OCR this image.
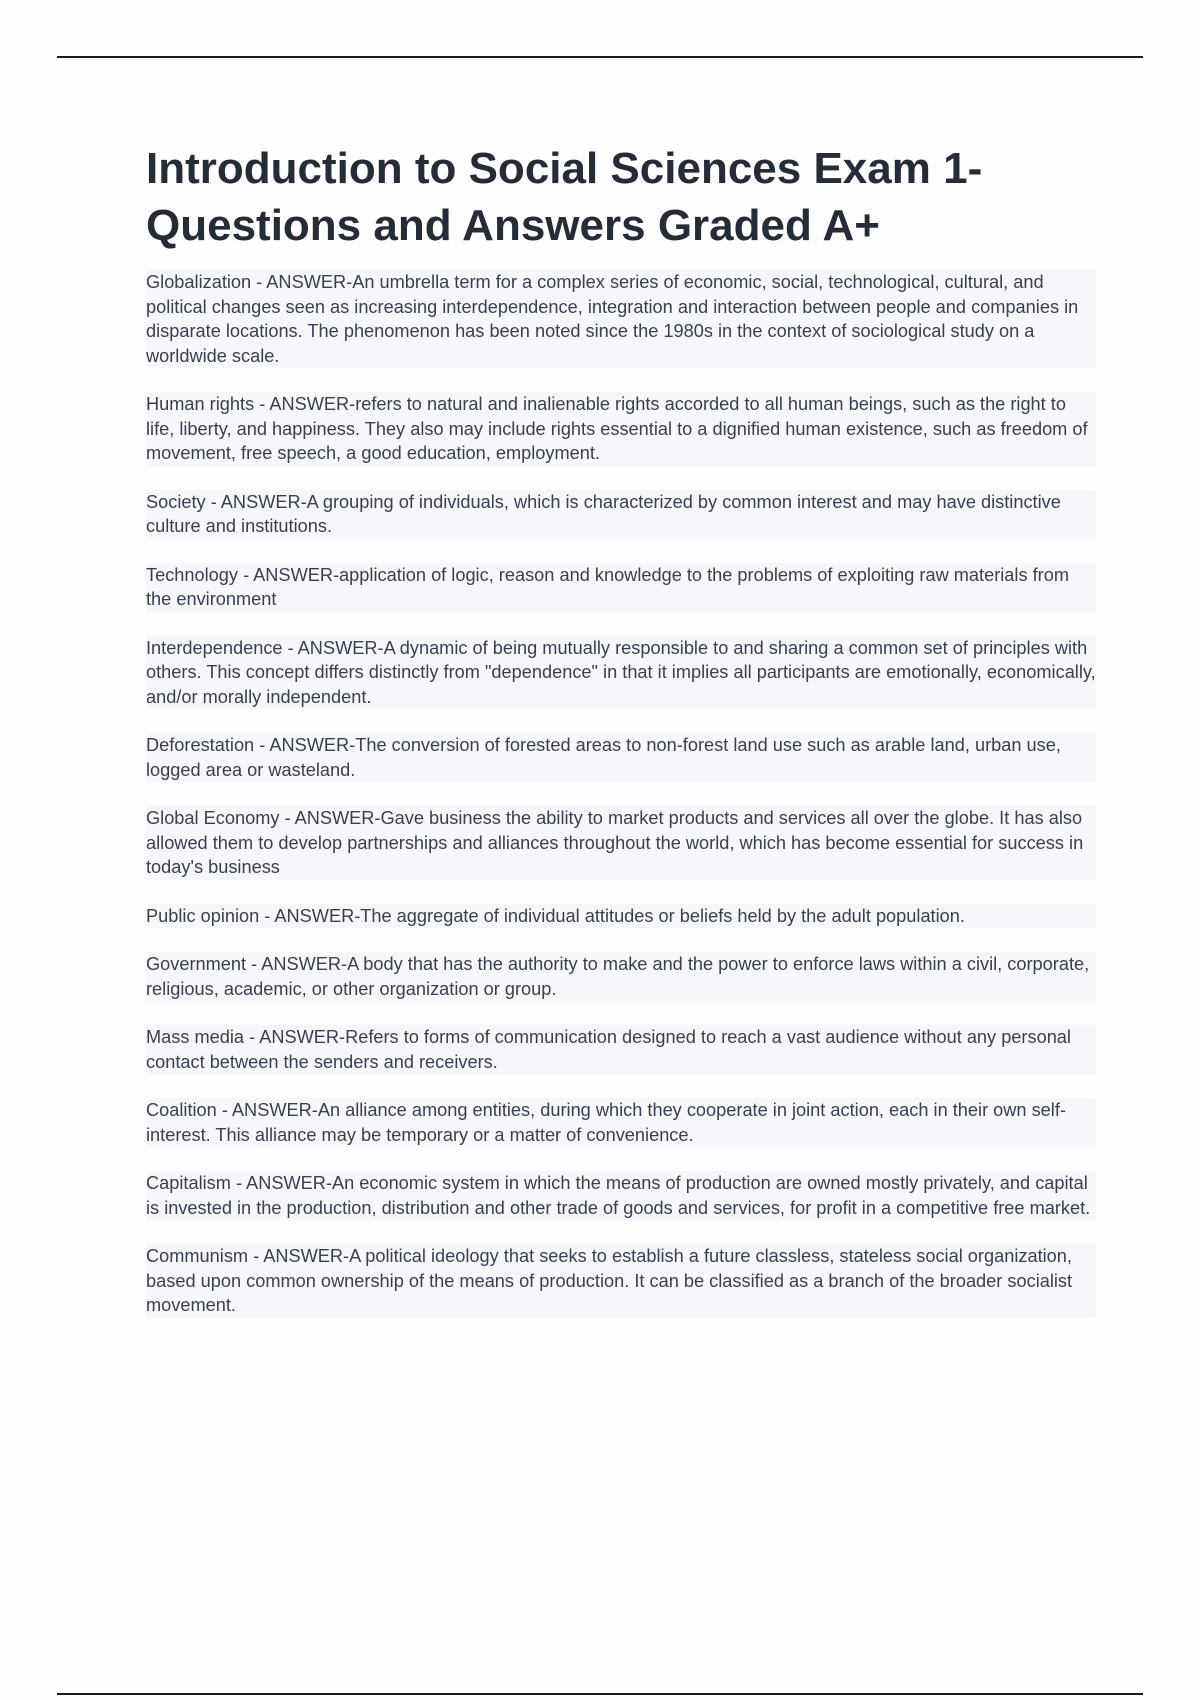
Introduction to Social Sciences Exam 1- Questions and Answers Graded A+

Globalization - ANSWER-An umbrella term for a complex series of economic, social, technological, cultural, and political changes seen as increasing interdependence, integration and interaction between people and companies in disparate locations. The phenomenon has been noted since the 1980s in the context of sociological study on a worldwide scale.

Human rights - ANSWER-refers to natural and inalienable rights accorded to all human beings, such as the right to life, liberty, and happiness. They also may include rights essential to a dignified human existence, such as freedom of movement, free speech, a good education, employment.

Society - ANSWER-A grouping of individuals, which is characterized by common interest and may have distinctive culture and institutions.

Technology - ANSWER-application of logic, reason and knowledge to the problems of exploiting raw materials from the environment

Interdependence - ANSWER-A dynamic of being mutually responsible to and sharing a common set of principles with others. This concept differs distinctly from "dependence" in that it implies all participants are emotionally, economically, and/or morally independent.

Deforestation - ANSWER-The conversion of forested areas to non-forest land use such as arable land, urban use, logged area or wasteland.

Global Economy - ANSWER-Gave business the ability to market products and services all over the globe. It has also allowed them to develop partnerships and alliances throughout the world, which has become essential for success in today's business

Public opinion - ANSWER-The aggregate of individual attitudes or beliefs held by the adult population.

Government - ANSWER-A body that has the authority to make and the power to enforce laws within a civil, corporate, religious, academic, or other organization or group.

Mass media - ANSWER-Refers to forms of communication designed to reach a vast audience without any personal contact between the senders and receivers.

Coalition - ANSWER-An alliance among entities, during which they cooperate in joint action, each in their own self-interest. This alliance may be temporary or a matter of convenience.

Capitalism - ANSWER-An economic system in which the means of production are owned mostly privately, and capital is invested in the production, distribution and other trade of goods and services, for profit in a competitive free market.

Communism - ANSWER-A political ideology that seeks to establish a future classless, stateless social organization, based upon common ownership of the means of production. It can be classified as a branch of the broader socialist movement.
